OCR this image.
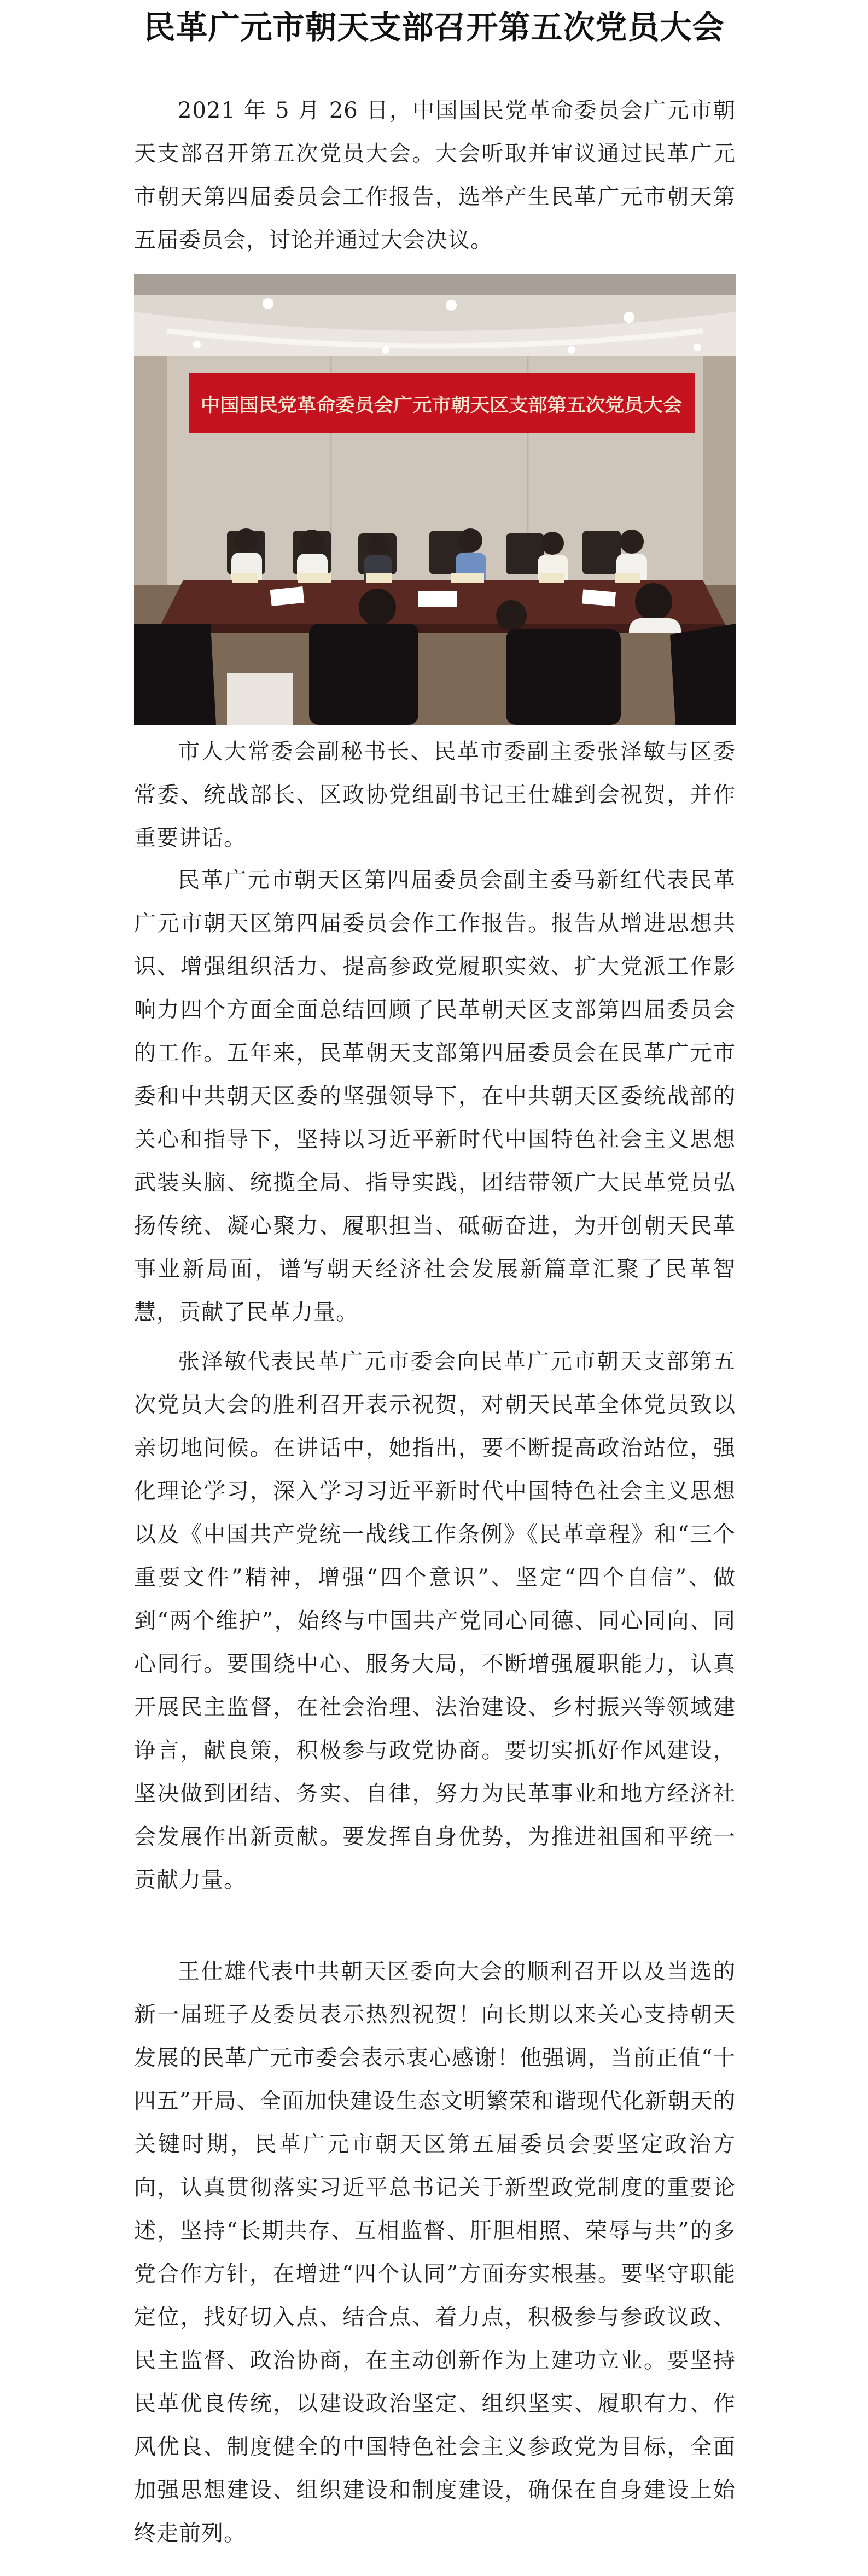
民革广元市朝天支部召开第五次党员大会

2021 年 5 月 26 日，中国国民党革命委员会广元市朝天支部召开第五次党员大会。大会听取并审议通过民革广元市朝天第四届委员会工作报告，选举产生民革广元市朝天第五届委员会，讨论并通过大会决议。

中国国民党革命委员会广元市朝天区支部第五次党员大会

市人大常委会副秘书长、民革市委副主委张泽敏与区委常委、统战部长、区政协党组副书记王仕雄到会祝贺，并作重要讲话。

民革广元市朝天区第四届委员会副主委马新红代表民革广元市朝天区第四届委员会作工作报告。报告从增进思想共识、增强组织活力、提高参政党履职实效、扩大党派工作影响力四个方面全面总结回顾了民革朝天区支部第四届委员会的工作。五年来，民革朝天支部第四届委员会在民革广元市委和中共朝天区委的坚强领导下，在中共朝天区委统战部的关心和指导下，坚持以习近平新时代中国特色社会主义思想武装头脑、统揽全局、指导实践，团结带领广大民革党员弘扬传统、凝心聚力、履职担当、砥砺奋进，为开创朝天民革事业新局面，谱写朝天经济社会发展新篇章汇聚了民革智慧，贡献了民革力量。

张泽敏代表民革广元市委会向民革广元市朝天支部第五次党员大会的胜利召开表示祝贺，对朝天民革全体党员致以亲切地问候。在讲话中，她指出，要不断提高政治站位，强化理论学习，深入学习习近平新时代中国特色社会主义思想以及《中国共产党统一战线工作条例》《民革章程》和“三个重要文件”精神，增强“四个意识”、坚定“四个自信”、做到“两个维护”，始终与中国共产党同心同德、同心同向、同心同行。要围绕中心、服务大局，不断增强履职能力，认真开展民主监督，在社会治理、法治建设、乡村振兴等领域建诤言，献良策，积极参与政党协商。要切实抓好作风建设，坚决做到团结、务实、自律，努力为民革事业和地方经济社会发展作出新贡献。要发挥自身优势，为推进祖国和平统一贡献力量。

王仕雄代表中共朝天区委向大会的顺利召开以及当选的新一届班子及委员表示热烈祝贺！向长期以来关心支持朝天发展的民革广元市委会表示衷心感谢！他强调，当前正值“十四五”开局、全面加快建设生态文明繁荣和谐现代化新朝天的关键时期，民革广元市朝天区第五届委员会要坚定政治方向，认真贯彻落实习近平总书记关于新型政党制度的重要论述，坚持“长期共存、互相监督、肝胆相照、荣辱与共”的多党合作方针，在增进“四个认同”方面夯实根基。要坚守职能定位，找好切入点、结合点、着力点，积极参与参政议政、民主监督、政治协商，在主动创新作为上建功立业。要坚持民革优良传统，以建设政治坚定、组织坚实、履职有力、作风优良、制度健全的中国特色社会主义参政党为目标，全面加强思想建设、组织建设和制度建设，确保在自身建设上始终走前列。
